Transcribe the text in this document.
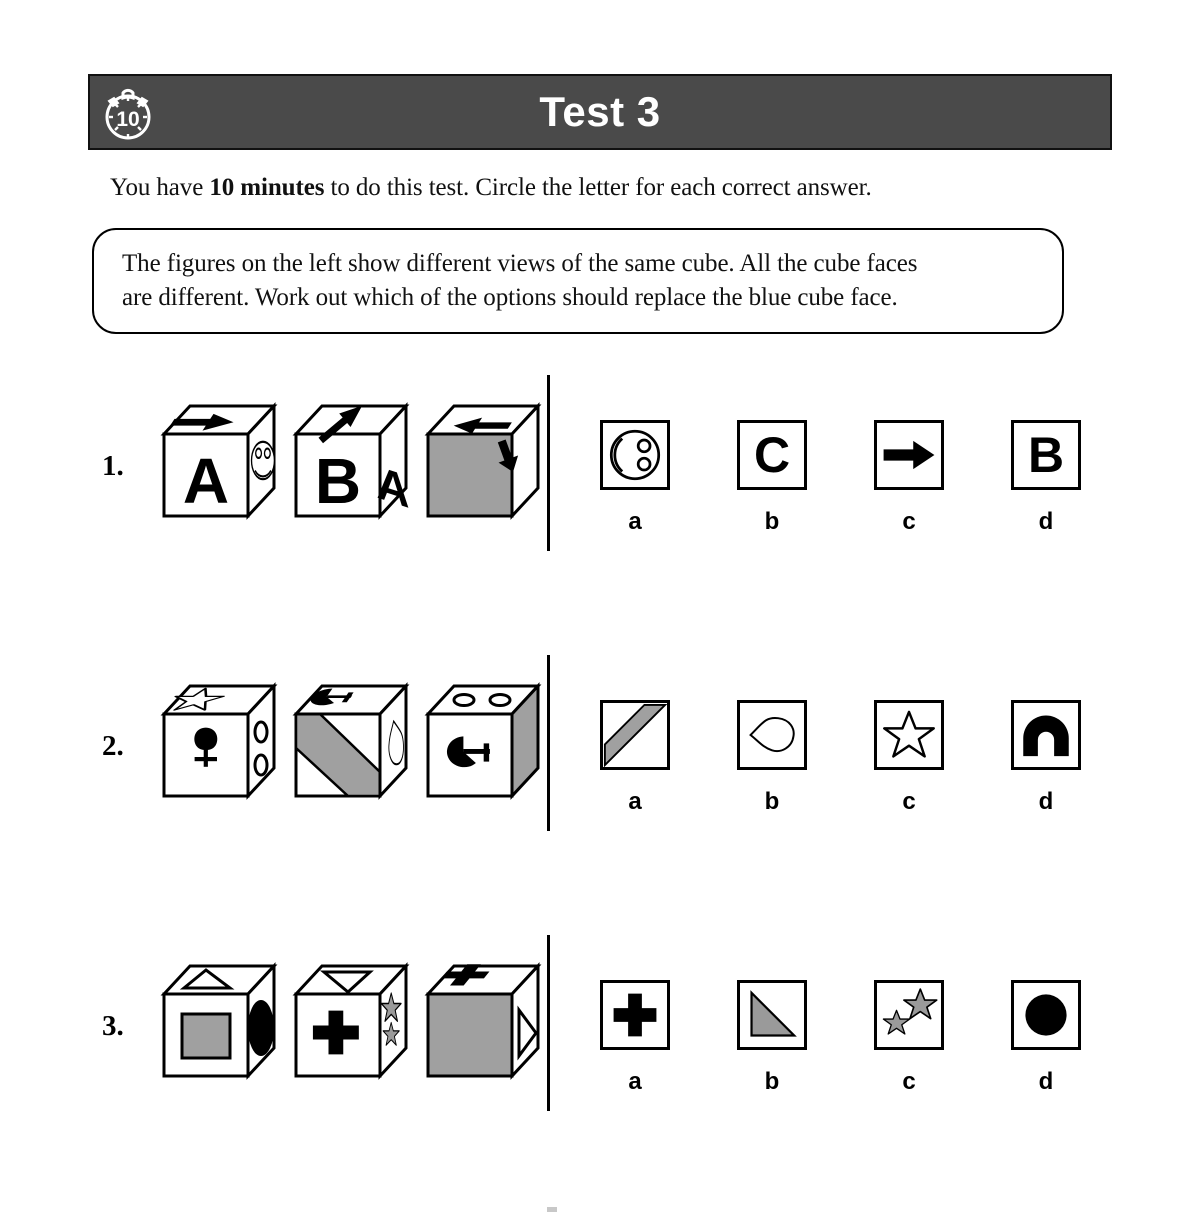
10	Test 3
You have 10 minutes to do this test. Circle the letter for each correct answer.
The figures on the left show different views of the same cube. All the cube faces
are different. Work out which of the options should replace the blue cube face.
1. A B A
a
C
b	c
B
d
2.
a	b	c	d
3.
a	b	c	d
